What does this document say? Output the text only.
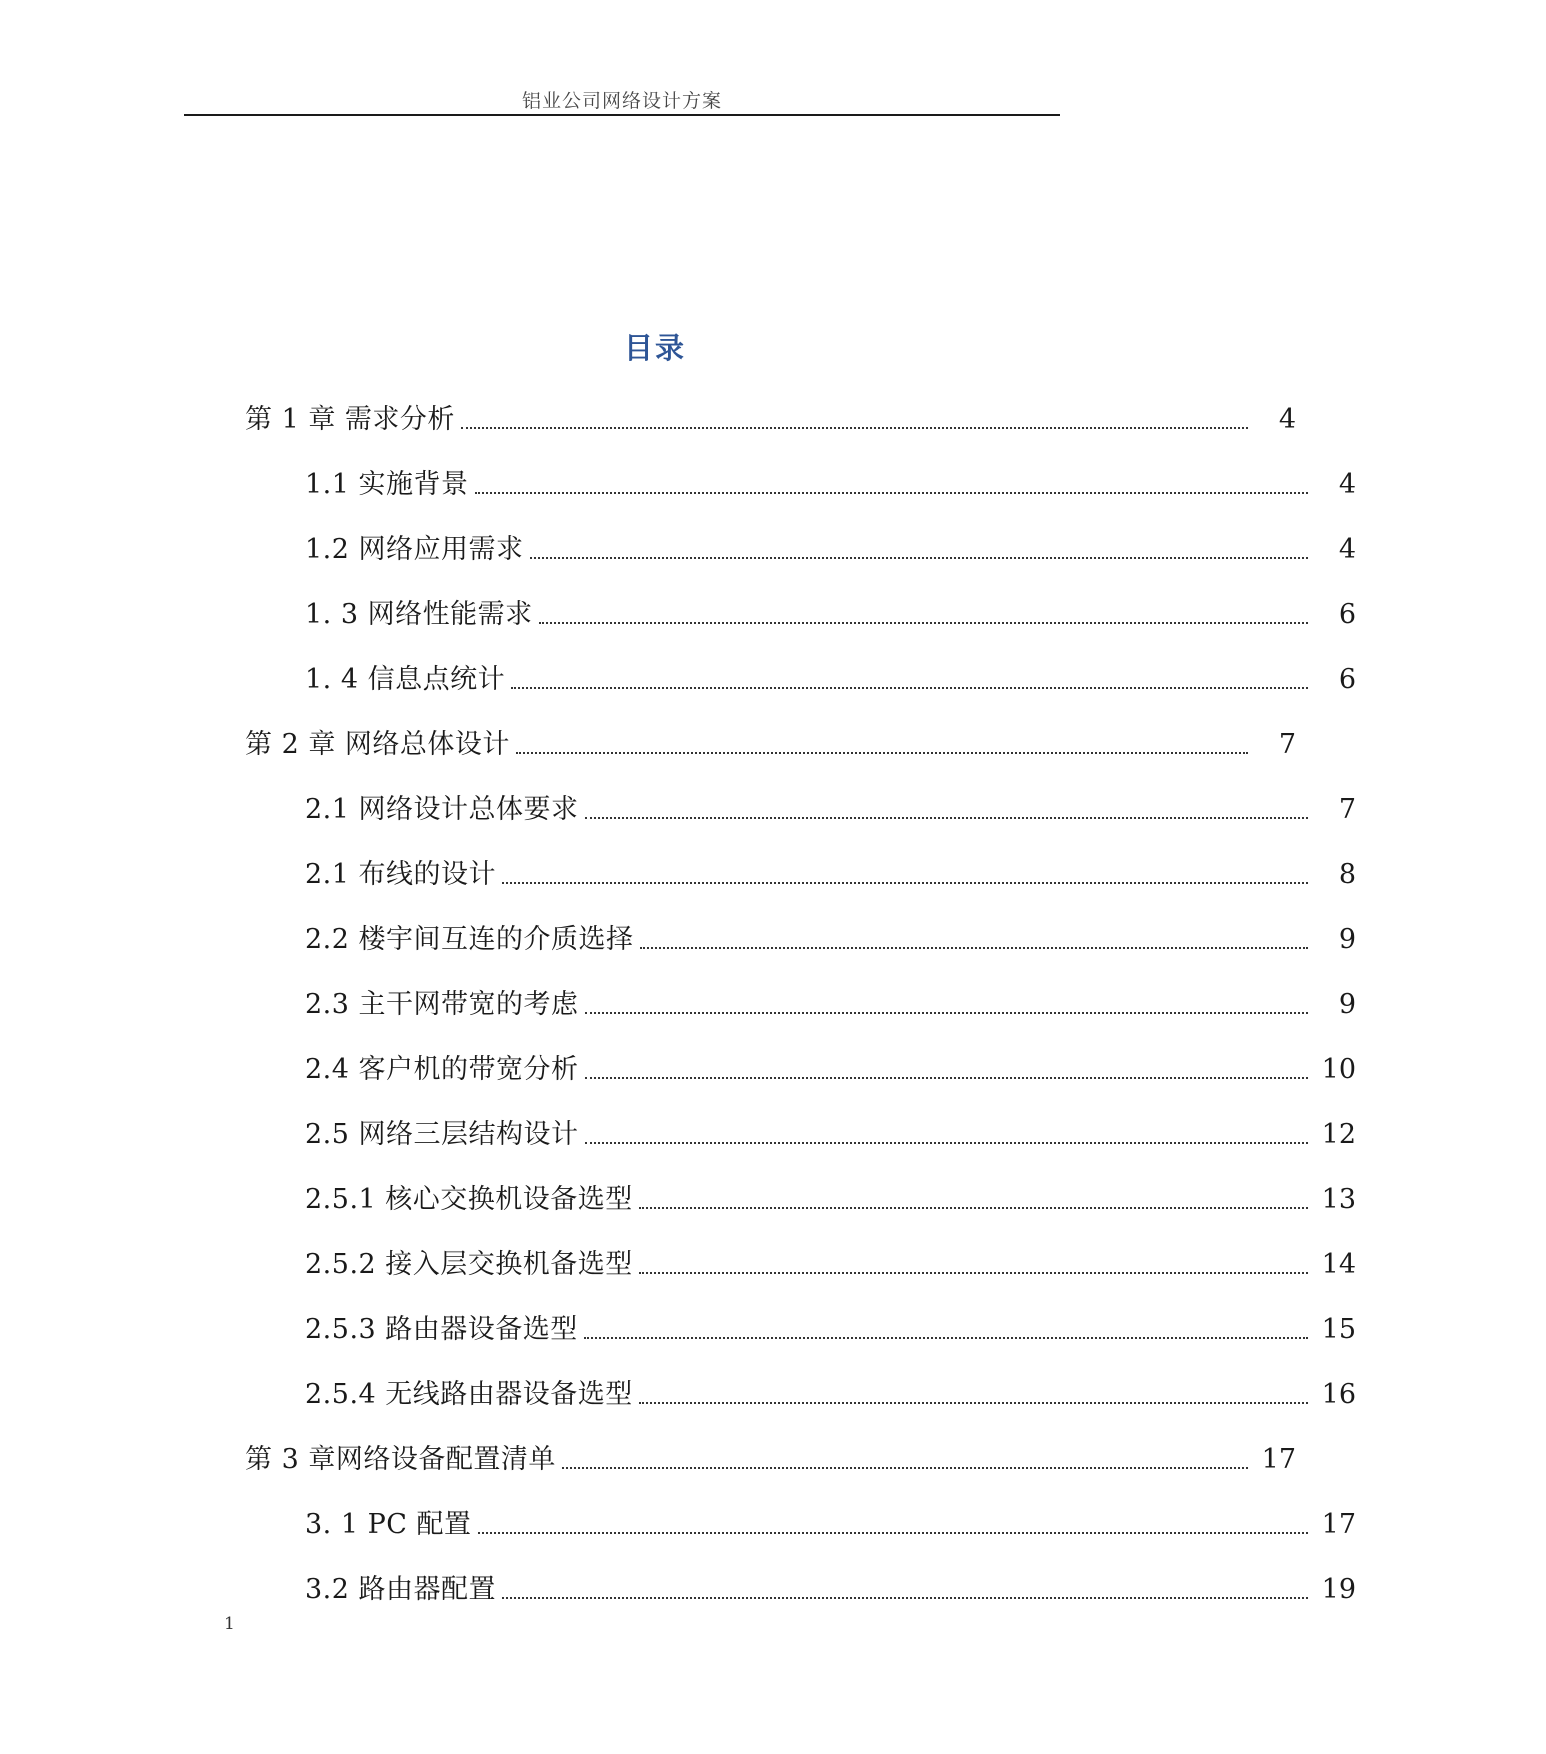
铝业公司网络设计方案
目录
第 1 章 需求分析	4
1.1 实施背景	4
1.2 网络应用需求	4
1. 3 网络性能需求	6
1. 4 信息点统计	6
第 2 章 网络总体设计	7
2.1 网络设计总体要求	7
2.1 布线的设计	8
2.2 楼宇间互连的介质选择	9
2.3 主干网带宽的考虑	9
2.4 客户机的带宽分析	10
2.5 网络三层结构设计	12
2.5.1 核心交换机设备选型	13
2.5.2 接入层交换机备选型	14
2.5.3 路由器设备选型	15
2.5.4 无线路由器设备选型	16
第 3 章网络设备配置清单	17
3. 1 PC 配置	17
3.2 路由器配置	19
1
